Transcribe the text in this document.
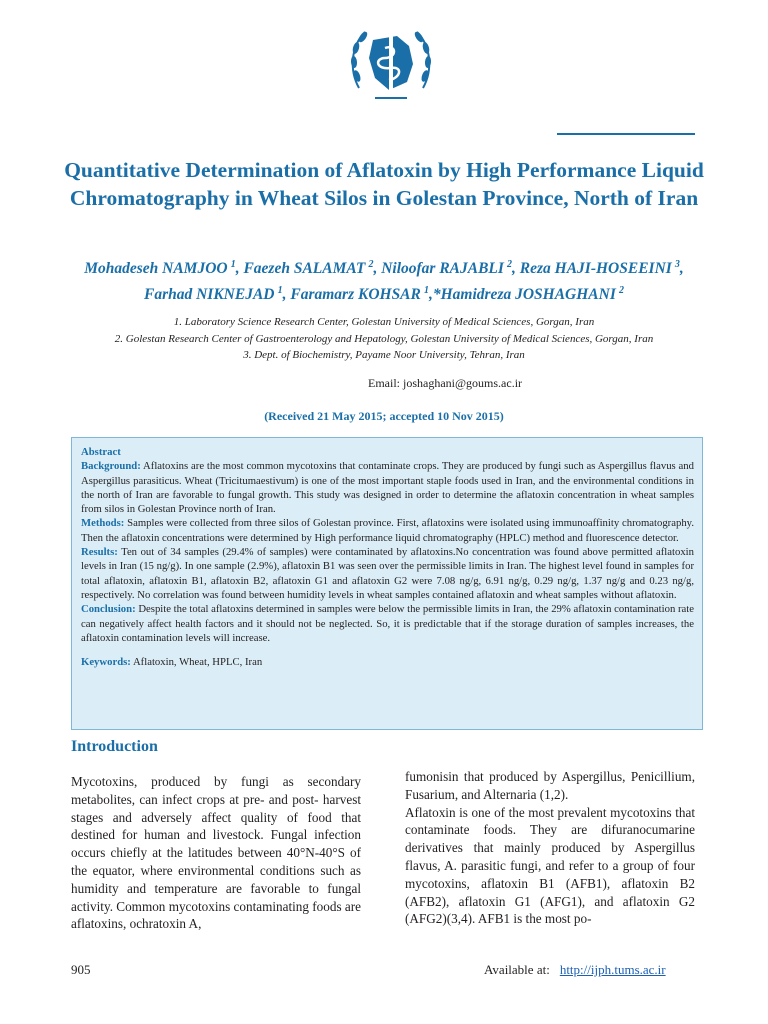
Quantitative Determination of Aflatoxin by High Performance Liquid Chromatography in Wheat Silos in Golestan Province, North of Iran

Mohadeseh NAMJOO  $^1$, Faezeh SALAMAT  $^2$, Niloofar RAJABLI  $^2$, Reza HAJI-HOSEEINI  $^3$, Farhad NIKNEJAD  $^1$, Faramarz KOHSAR  $^1$,*Hamidreza JOSHAGHANI  $^2$

1. Laboratory Science Research Center, Golestan University of Medical Sciences, Gorgan, Iran
2. Golestan Research Center of Gastroenterology and Hepatology, Golestan University of Medical Sciences, Gorgan, Iran
3. Dept. of Biochemistry, Payame Noor University, Tehran, Iran
Email: joshaghani@goums.ac.ir
(Received 21 May 2015; accepted 10 Nov 2015)

Abstract

Background: Aflatoxins are the most common mycotoxins that contaminate crops. They are produced by fungi such as Aspergillus flavus and Aspergillus parasiticus. Wheat (Tricitumaestivum) is one of the most important staple foods used in Iran, and the environmental conditions in the north of Iran are favorable to fungal growth. This study was designed in order to determine the aflatoxin concentration in wheat samples from silos in Golestan Province north of Iran.

Methods: Samples were collected from three silos of Golestan province. First, aflatoxins were isolated using immunoaffinity chromatography. Then the aflatoxin concentrations were determined by High performance liquid chromatography (HPLC) method and fluorescence detector.

Results: Ten out of 34 samples (29.4% of samples) were contaminated by aflatoxins.No concentration was found above permitted aflatoxin levels in Iran (15 ng/g). In one sample (2.9%), aflatoxin B1 was seen over the permissible limits in Iran. The highest level found in samples for total aflatoxin, aflatoxin B1, aflatoxin B2, aflatoxin G1 and aflatoxin G2 were 7.08 ng/g, 6.91 ng/g, 0.29 ng/g, 1.37 ng/g and 0.23 ng/g, respectively. No correlation was found between humidity levels in wheat samples contained aflatoxin and wheat samples without aflatoxin.

Conclusion: Despite the total aflatoxins determined in samples were below the permissible limits in Iran, the 29% aflatoxin contamination rate can negatively affect health factors and it should not be neglected. So, it is predictable that if the storage duration of samples increases, the aflatoxin contamination levels will increase.

Keywords: Aflatoxin, Wheat, HPLC, Iran

Introduction

Mycotoxins, produced by fungi as secondary metabolites, can infect crops at pre- and post- harvest stages and adversely affect quality of food that destined for human and livestock. Fungal infection occurs chiefly at the latitudes between 40°N-40°S of the equator, where environmental conditions such as humidity and temperature are favorable to fungal activity. Common mycotoxins contaminating foods are aflatoxins, ochratoxin A,

fumonisin that produced by Aspergillus, Penicillium, Fusarium, and Alternaria (1,2).

Aflatoxin is one of the most prevalent mycotoxins that contaminate foods. They are difuranocumarine derivatives that mainly produced by Aspergillus flavus, A. parasitic fungi, and refer to a group of four mycotoxins, aflatoxin B1 (AFB1), aflatoxin B2 (AFB2), aflatoxin G1 (AFG1), and aflatoxin G2 (AFG2)(3,4). AFB1 is the most po-

905	Available at: http://ijph.tums.ac.ir
